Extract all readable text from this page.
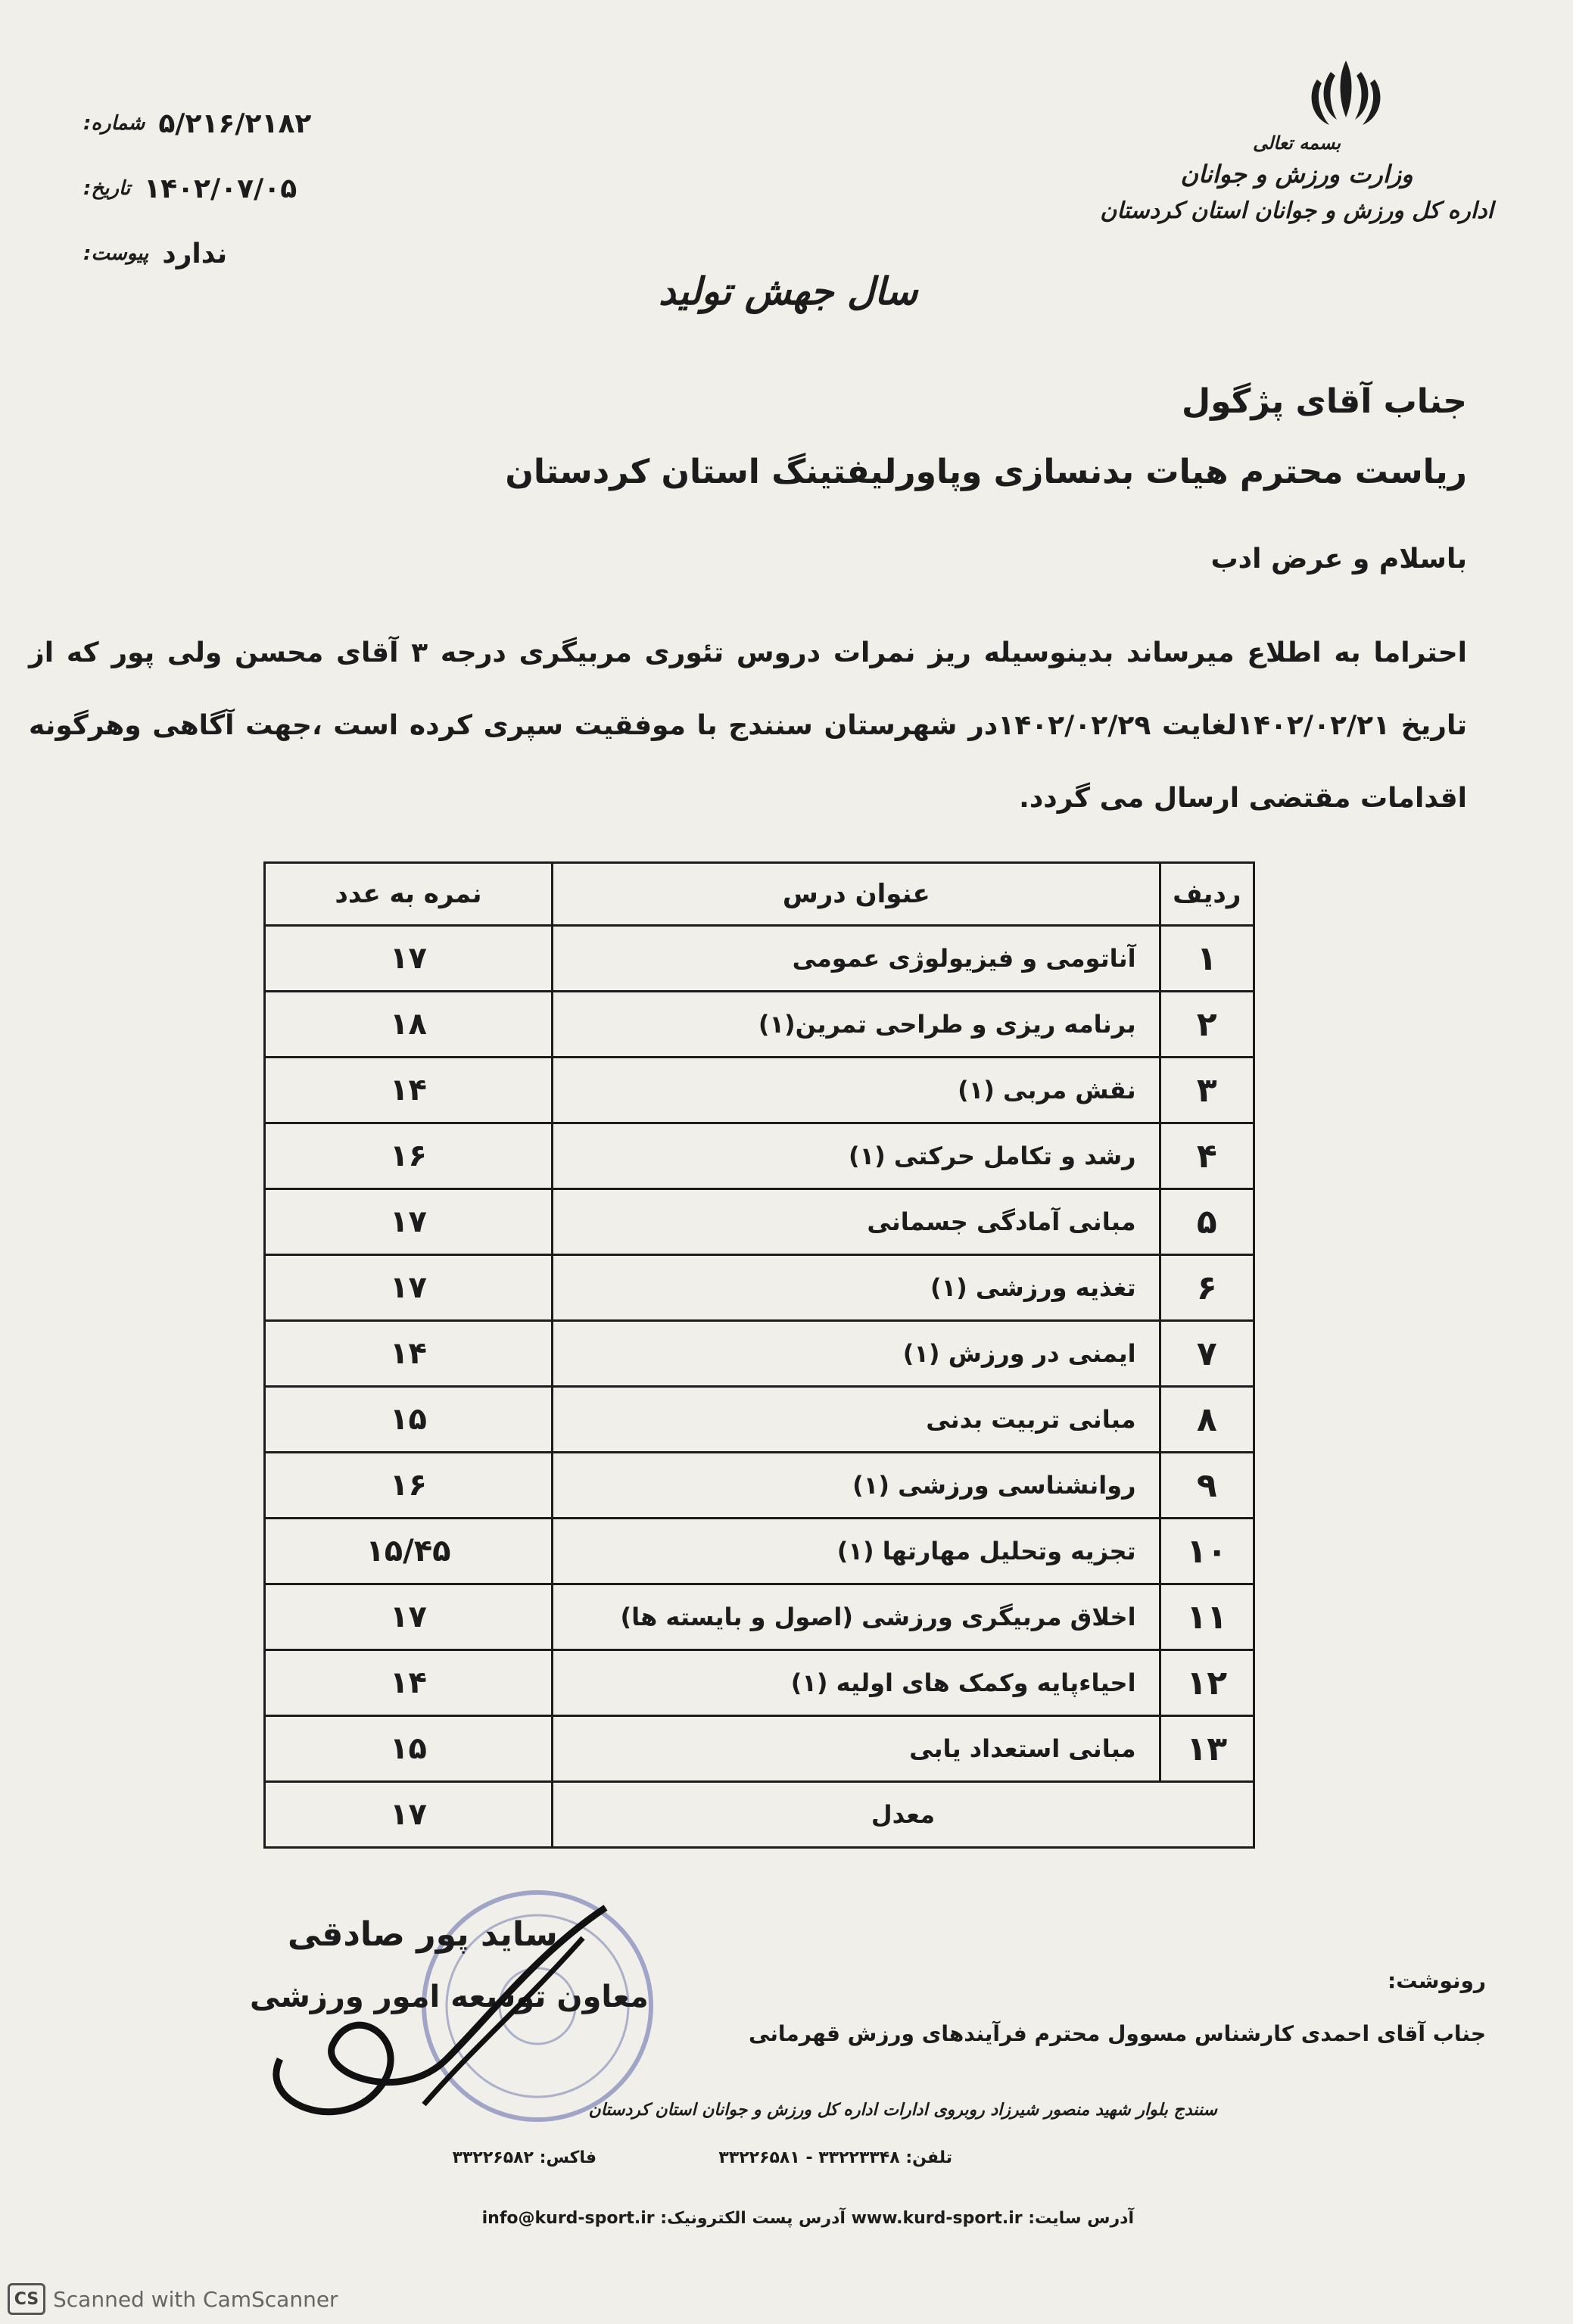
شماره: ۵/۲۱۶/۲۱۸۲
تاریخ: ۱۴۰۲/۰۷/۰۵
پیوست: ندارد
بسمه تعالی
وزارت ورزش و جوانان
اداره کل ورزش و جوانان استان کردستان
سال جهش تولید
جناب آقای پژگول
ریاست محترم هیات بدنسازی وپاورلیفتینگ استان کردستان
باسلام و عرض ادب
احتراما به اطلاع میرساند بدینوسیله ریز نمرات دروس تئوری مربیگری درجه ۳ آقای محسن ولی پور که از تاریخ ۱۴۰۲/۰۲/۲۱لغایت ۱۴۰۲/۰۲/۲۹در شهرستان سنندج با موفقیت سپری کرده است ،جهت آگاهی وهرگونه اقدامات مقتضی ارسال می گردد.
ردیف	عنوان درس	نمره به عدد
۱	آناتومی و فیزیولوژی عمومی	۱۷
۲	برنامه ریزی و طراحی تمرین(۱)	۱۸
۳	نقش مربی (۱)	۱۴
۴	رشد و تکامل حرکتی (۱)	۱۶
۵	مبانی آمادگی جسمانی	۱۷
۶	تغذیه ورزشی (۱)	۱۷
۷	ایمنی در ورزش (۱)	۱۴
۸	مبانی تربیت بدنی	۱۵
۹	روانشناسی ورزشی (۱)	۱۶
۱۰	تجزیه وتحلیل مهارتها (۱)	۱۵/۴۵
۱۱	اخلاق مربیگری ورزشی (اصول و بایسته ها)	۱۷
۱۲	احیاءپایه وکمک های اولیه (۱)	۱۴
۱۳	مبانی استعداد یابی	۱۵
معدل		۱۷
ساید پور صادقی
معاون توسعه امور ورزشی	رونوشت:
جناب آقای احمدی کارشناس مسوول محترم فرآیندهای ورزش قهرمانی
سنندج بلوار شهید منصور شیرزاد روبروی ادارات اداره کل ورزش و جوانان استان کردستان
تلفن: ۳۳۲۲۳۳۴۸ - ۳۳۲۲۶۵۸۱
فاکس: ۳۳۲۲۶۵۸۲
آدرس سایت: www.kurd-sport.ir آدرس پست الکترونیک: info@kurd-sport.ir
CS Scanned with CamScanner
